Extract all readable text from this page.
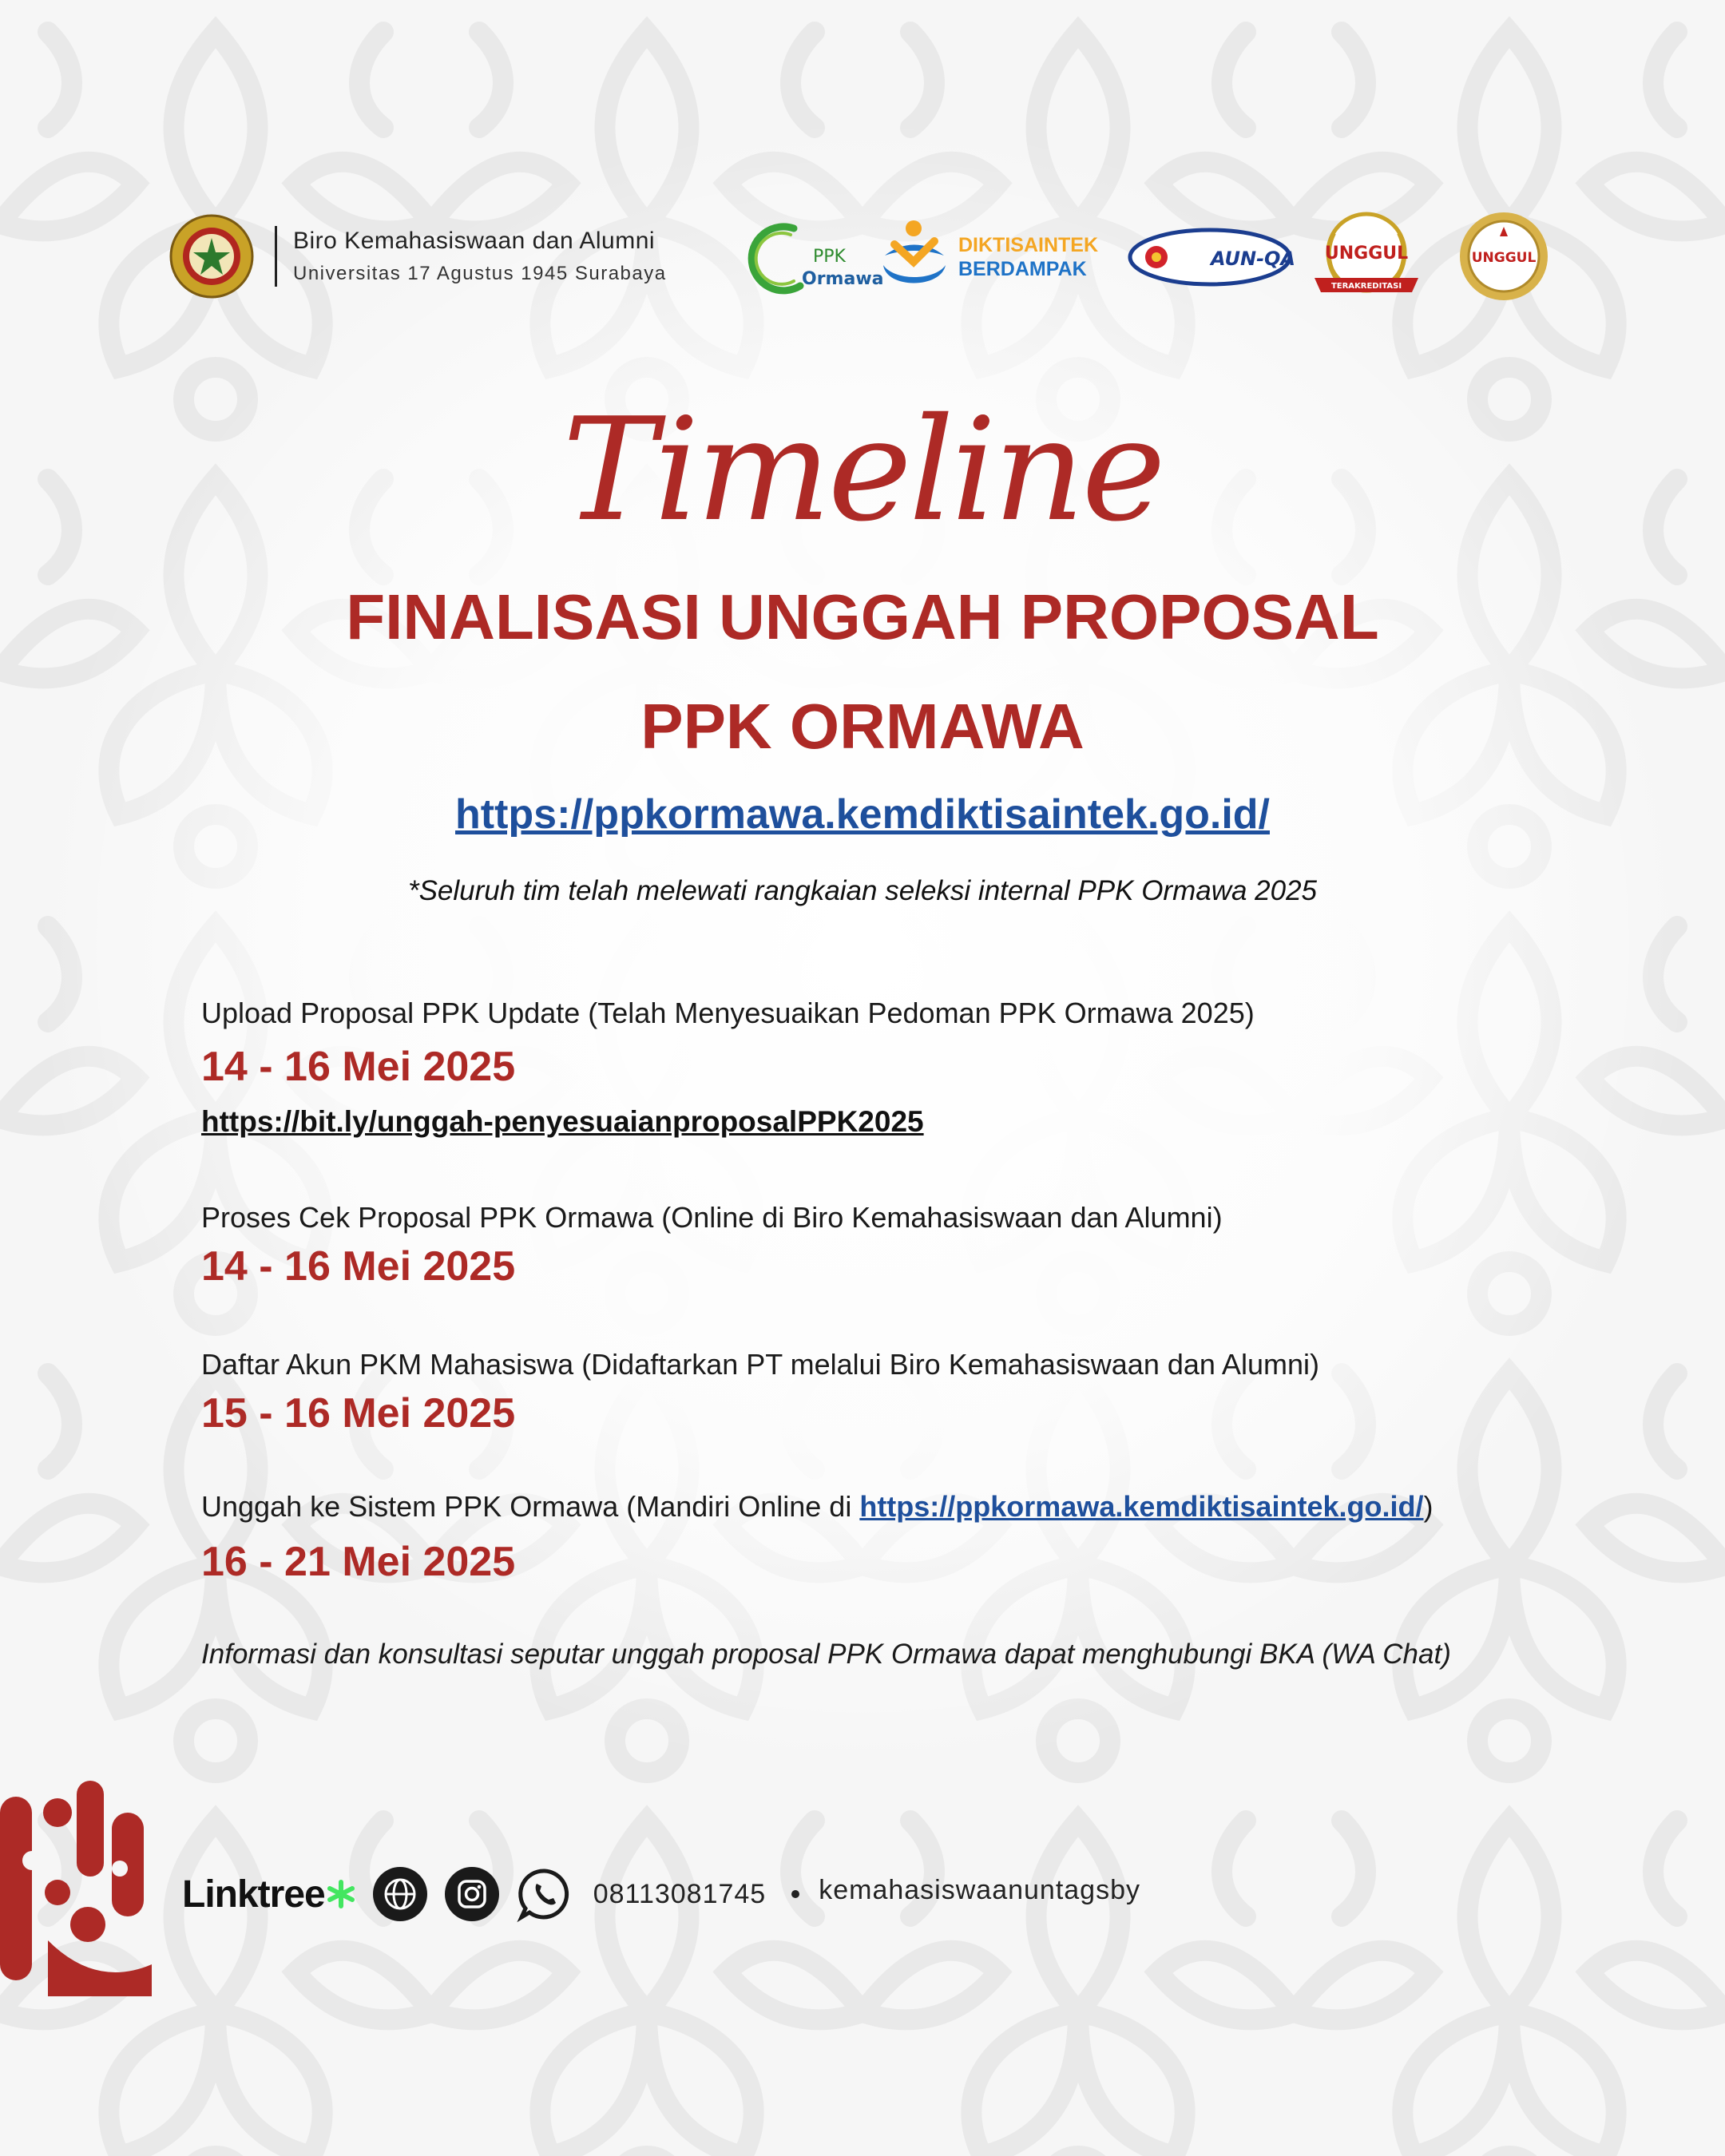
Biro Kemahasiswaan dan Alumni
Universitas 17 Agustus 1945 Surabaya
PPK
Ormawa
DIKTISAINTEK
BERDAMPAK	AUN-QA UNGGUL
TERAKREDITASI
UNGGUL
Timeline
FINALISASI UNGGAH PROPOSAL
PPK ORMAWA
https://ppkormawa.kemdiktisaintek.go.id/
*Seluruh tim telah melewati rangkaian seleksi internal PPK Ormawa 2025
Upload Proposal PPK Update (Telah Menyesuaikan Pedoman PPK Ormawa 2025)
14 - 16 Mei 2025
https://bit.ly/unggah-penyesuaianproposalPPK2025
Proses Cek Proposal PPK Ormawa (Online di Biro Kemahasiswaan dan Alumni)
14 - 16 Mei 2025
Daftar Akun PKM Mahasiswa (Didaftarkan PT melalui Biro Kemahasiswaan dan Alumni)
15 - 16 Mei 2025
Unggah ke Sistem PPK Ormawa (Mandiri Online di https://ppkormawa.kemdiktisaintek.go.id/)
16 - 21 Mei 2025
Informasi dan konsultasi seputar unggah proposal PPK Ormawa dapat menghubungi BKA (WA Chat)
Linktree	08113081745 kemahasiswaanuntagsby
